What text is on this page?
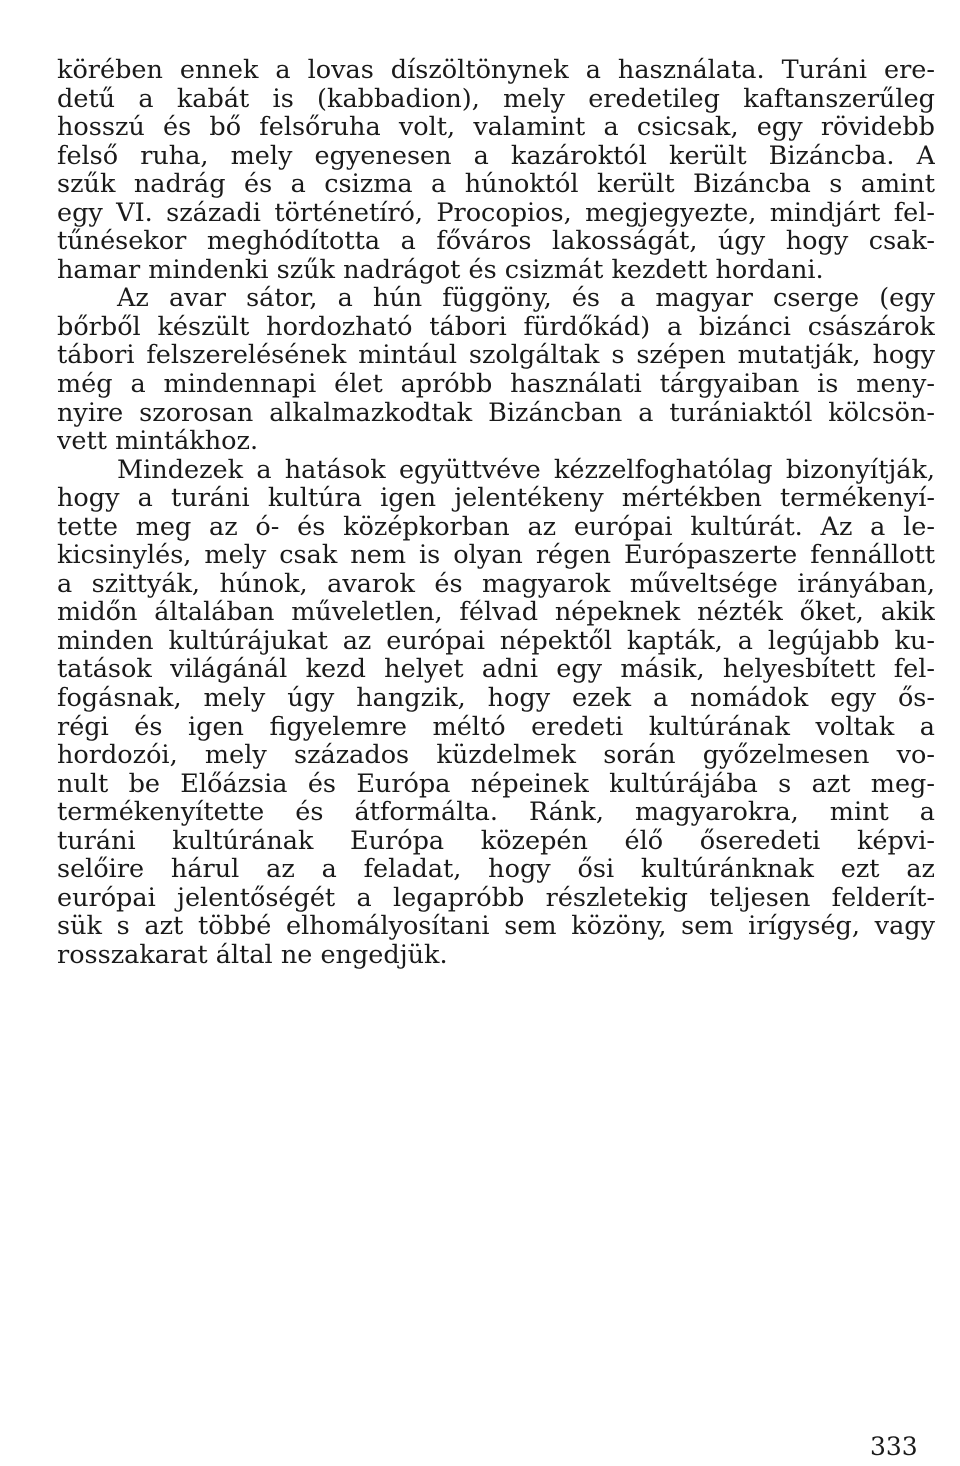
körében ennek a lovas díszöltönynek a használata. Turáni ere-
detű a kabát is (kabbadion), mely eredetileg kaftanszerűleg
hosszú és bő felsőruha volt, valamint a csicsak, egy rövidebb
felső ruha, mely egyenesen a kazároktól került Bizáncba. A
szűk nadrág és a csizma a húnoktól került Bizáncba s amint
egy VI. századi történetíró, Procopios, megjegyezte, mindjárt fel-
tűnésekor meghódította a főváros lakosságát, úgy hogy csak-
hamar mindenki szűk nadrágot és csizmát kezdett hordani.
Az avar sátor, a hún függöny, és a magyar cserge (egy
bőrből készült hordozható tábori fürdőkád) a bizánci császárok
tábori felszerelésének mintául szolgáltak s szépen mutatják, hogy
még a mindennapi élet apróbb használati tárgyaiban is meny-
nyire szorosan alkalmazkodtak Bizáncban a turániaktól kölcsön-
vett mintákhoz.
Mindezek a hatások együttvéve kézzelfoghatólag bizonyítják,
hogy a turáni kultúra igen jelentékeny mértékben termékenyí-
tette meg az ó- és középkorban az európai kultúrát. Az a le-
kicsinylés, mely csak nem is olyan régen Európaszerte fennállott
a szittyák, húnok, avarok és magyarok műveltsége irányában,
midőn általában műveletlen, félvad népeknek nézték őket, akik
minden kultúrájukat az európai népektől kapták, a legújabb ku-
tatások világánál kezd helyet adni egy másik, helyesbített fel-
fogásnak, mely úgy hangzik, hogy ezek a nomádok egy ős-
régi és igen figyelemre méltó eredeti kultúrának voltak a
hordozói, mely százados küzdelmek során győzelmesen vo-
nult be Előázsia és Európa népeinek kultúrájába s azt meg-
termékenyítette és átformálta. Ránk, magyarokra, mint a
turáni kultúrának Európa közepén élő őseredeti képvi-
selőire hárul az a feladat, hogy ősi kultúránknak ezt az
európai jelentőségét a legapróbb részletekig teljesen felderít-
sük s azt többé elhomályosítani sem közöny, sem irígység, vagy
rosszakarat által ne engedjük.
333
